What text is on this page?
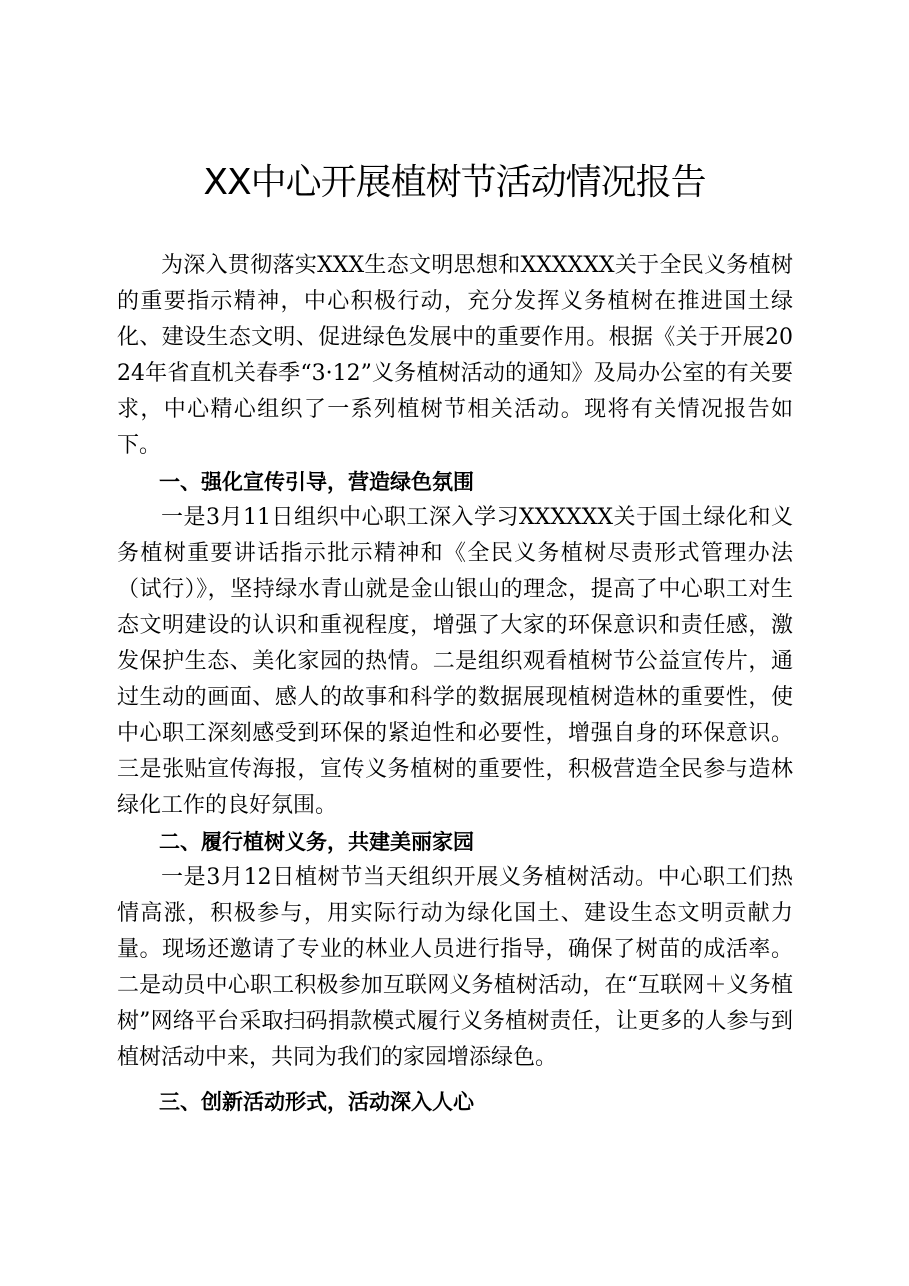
XX中心开展植树节活动情况报告

为深入贯彻落实XXX生态文明思想和XXXXXX关于全民义务植树的重要指示精神，中心积极行动，充分发挥义务植树在推进国土绿化、建设生态文明、促进绿色发展中的重要作用。根据《关于开展2024年省直机关春季“3·12”义务植树活动的通知》及局办公室的有关要求，中心精心组织了一系列植树节相关活动。现将有关情况报告如下。

一、强化宣传引导，营造绿色氛围

一是3月11日组织中心职工深入学习XXXXXX关于国土绿化和义务植树重要讲话指示批示精神和《全民义务植树尽责形式管理办法（试行）》，坚持绿水青山就是金山银山的理念，提高了中心职工对生态文明建设的认识和重视程度，增强了大家的环保意识和责任感，激发保护生态、美化家园的热情。二是组织观看植树节公益宣传片，通过生动的画面、感人的故事和科学的数据展现植树造林的重要性，使中心职工深刻感受到环保的紧迫性和必要性，增强自身的环保意识。三是张贴宣传海报，宣传义务植树的重要性，积极营造全民参与造林绿化工作的良好氛围。

二、履行植树义务，共建美丽家园

一是3月12日植树节当天组织开展义务植树活动。中心职工们热情高涨，积极参与，用实际行动为绿化国土、建设生态文明贡献力量。现场还邀请了专业的林业人员进行指导，确保了树苗的成活率。二是动员中心职工积极参加互联网义务植树活动，在“互联网＋义务植树”网络平台采取扫码捐款模式履行义务植树责任，让更多的人参与到植树活动中来，共同为我们的家园增添绿色。

三、创新活动形式，活动深入人心
